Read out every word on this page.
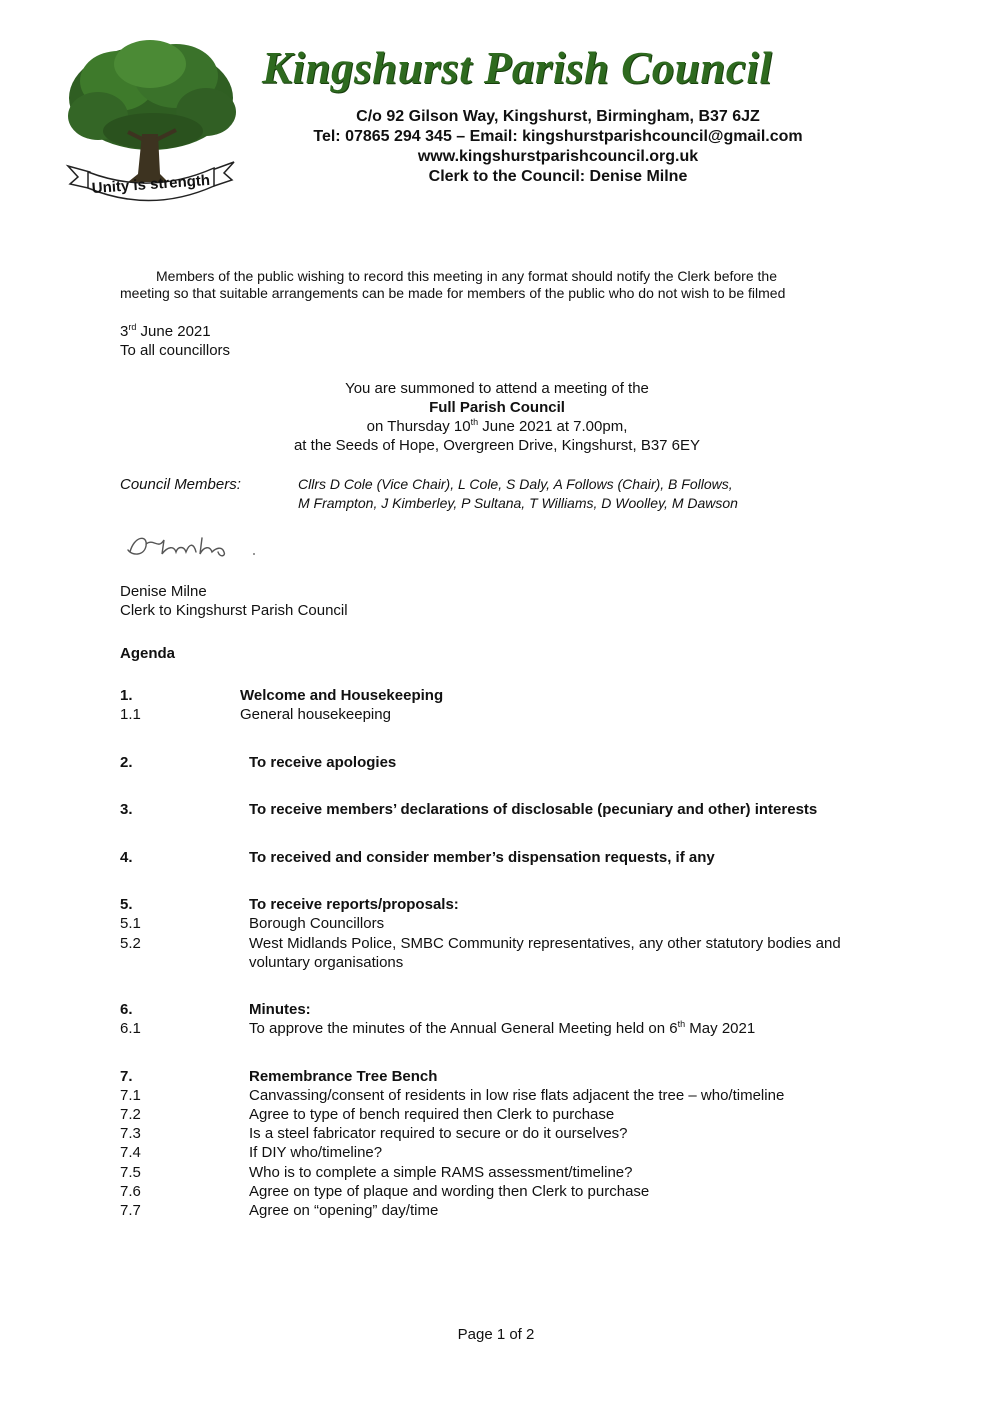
Unity is strength
Kingshurst Parish Council
C/o 92 Gilson Way, Kingshurst, Birmingham, B37 6JZ
Tel: 07865 294 345 – Email: kingshurstparishcouncil@gmail.com
www.kingshurstparishcouncil.org.uk
Clerk to the Council: Denise Milne
Members of the public wishing to record this meeting in any format should notify the Clerk before the
meeting so that suitable arrangements can be made for members of the public who do not wish to be filmed
3rd June 2021
To all councillors
You are summoned to attend a meeting of the
Full Parish Council
on Thursday 10th June 2021 at 7.00pm,
at the Seeds of Hope, Overgreen Drive, Kingshurst, B37 6EY
Council Members:	Cllrs D Cole (Vice Chair), L Cole, S Daly, A Follows (Chair), B Follows,
M Frampton, J Kimberley, P Sultana, T Williams, D Woolley, M Dawson
Denise Milne
Clerk to Kingshurst Parish Council
Agenda
1.	Welcome and Housekeeping
1.1	General housekeeping
2.	To receive apologies
3.	To receive members’ declarations of disclosable (pecuniary and other) interests
4.	To received and consider member’s dispensation requests, if any
5.	To receive reports/proposals:
5.1	Borough Councillors
5.2	West Midlands Police, SMBC Community representatives, any other statutory bodies and
voluntary organisations
6.	Minutes:
6.1	To approve the minutes of the Annual General Meeting held on 6th May 2021
7.	Remembrance Tree Bench
7.1	Canvassing/consent of residents in low rise flats adjacent the tree – who/timeline
7.2	Agree to type of bench required then Clerk to purchase
7.3	Is a steel fabricator required to secure or do it ourselves?
7.4	If DIY who/timeline?
7.5	Who is to complete a simple RAMS assessment/timeline?
7.6	Agree on type of plaque and wording then Clerk to purchase
7.7	Agree on “opening” day/time
Page 1 of 2
